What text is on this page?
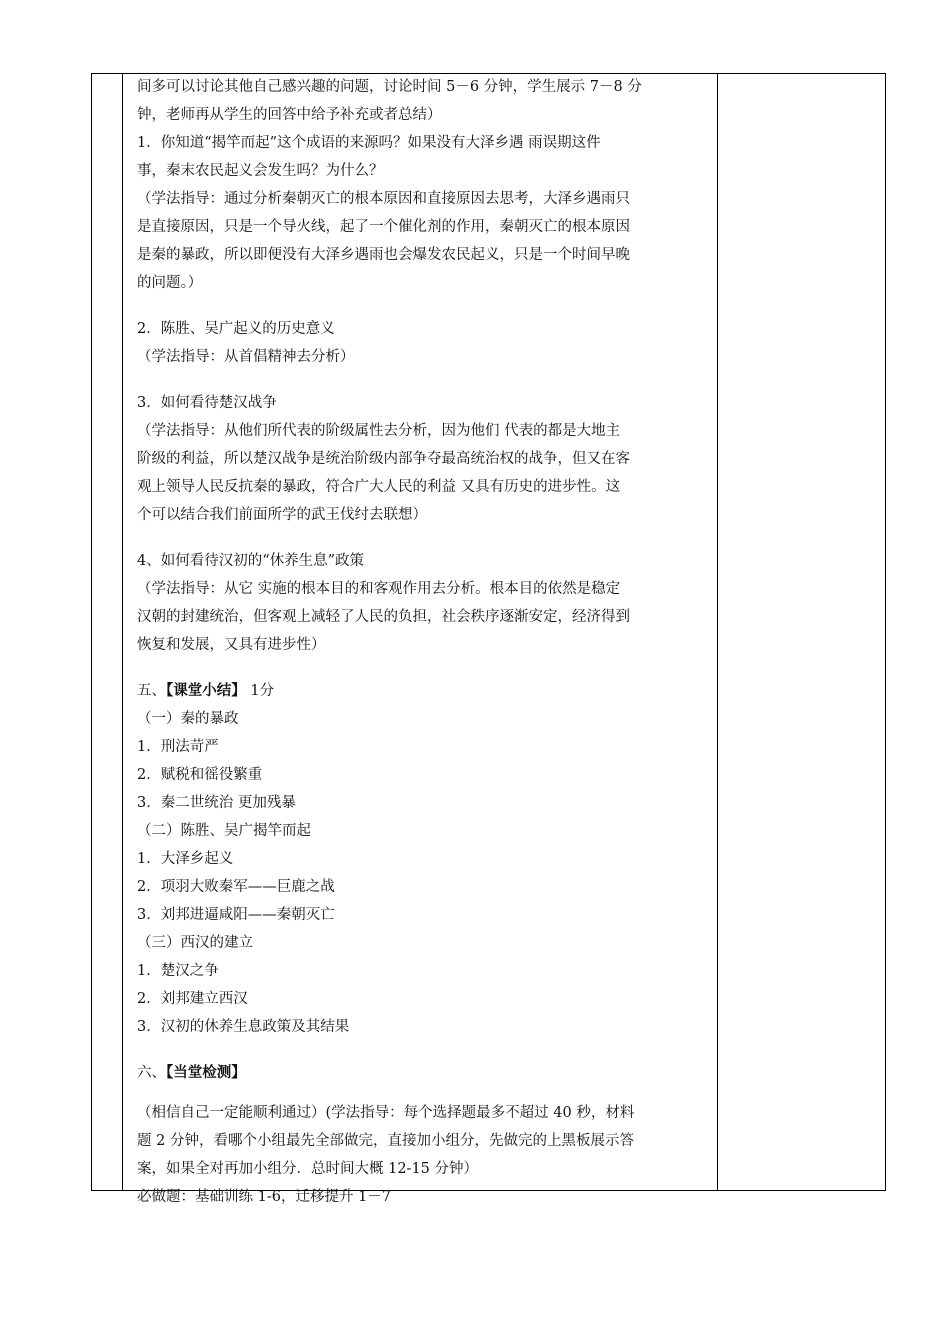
间多可以讨论其他自己感兴趣的问题，讨论时间 5－6 分钟，学生展示 7－8 分
钟，老师再从学生的回答中给予补充或者总结）
1．你知道“揭竿而起”这个成语的来源吗？如果没有大泽乡遇 雨误期这件
事，秦末农民起义会发生吗？为什么？
（学法指导：通过分析秦朝灭亡的根本原因和直接原因去思考，大泽乡遇雨只
是直接原因，只是一个导火线，起了一个催化剂的作用，秦朝灭亡的根本原因
是秦的暴政，所以即便没有大泽乡遇雨也会爆发农民起义，只是一个时间早晚
的问题。）
2．陈胜、吴广起义的历史意义
（学法指导：从首倡精神去分析）
3．如何看待楚汉战争
（学法指导：从他们所代表的阶级属性去分析，因为他们 代表的都是大地主
阶级的利益，所以楚汉战争是统治阶级内部争夺最高统治权的战争，但又在客
观上领导人民反抗秦的暴政，符合广大人民的利益 又具有历史的进步性。这
个可以结合我们前面所学的武王伐纣去联想）
4、如何看待汉初的“休养生息”政策
（学法指导：从它 实施的根本目的和客观作用去分析。根本目的依然是稳定
汉朝的封建统治，但客观上减轻了人民的负担，社会秩序逐渐安定，经济得到
恢复和发展，又具有进步性）
五、【课堂小结】 1分
（一）秦的暴政
1．刑法苛严
2．赋税和徭役繁重
3．秦二世统治 更加残暴
（二）陈胜、吴广揭竿而起
1．大泽乡起义
2．项羽大败秦军——巨鹿之战
3．刘邦进逼咸阳——秦朝灭亡
（三）西汉的建立
1．楚汉之争
2．刘邦建立西汉
3．汉初的休养生息政策及其结果
六、【当堂检测】
（相信自己一定能顺利通过）(学法指导：每个选择题最多不超过 40 秒，材料
题 2 分钟，看哪个小组最先全部做完，直接加小组分，先做完的上黑板展示答
案，如果全对再加小组分．总时间大概 12-15 分钟）
必做题：基础训练 1-6，迁移提升 1－7
